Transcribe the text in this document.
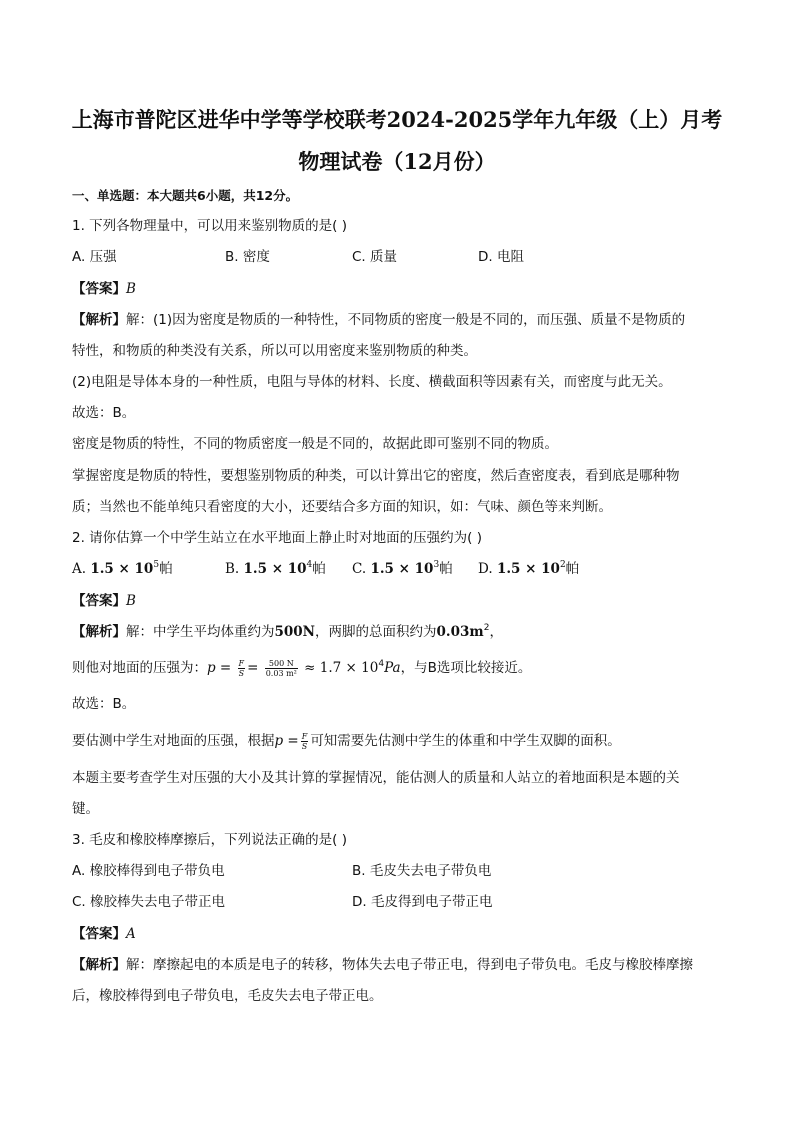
上海市普陀区进华中学等学校联考2024-2025学年九年级（上）月考
物理试卷（12月份）
一、单选题：本大题共6小题，共12分。
1. 下列各物理量中，可以用来鉴别物质的是( )
A. 压强	B. 密度	C. 质量	D. 电阻
【答案】B
【解析】解：(1)因为密度是物质的一种特性，不同物质的密度一般是不同的，而压强、质量不是物质的
特性，和物质的种类没有关系，所以可以用密度来鉴别物质的种类。
(2)电阻是导体本身的一种性质，电阻与导体的材料、长度、横截面积等因素有关，而密度与此无关。
故选：B。
密度是物质的特性，不同的物质密度一般是不同的，故据此即可鉴别不同的物质。
掌握密度是物质的特性，要想鉴别物质的种类，可以计算出它的密度，然后查密度表，看到底是哪种物
质；当然也不能单纯只看密度的大小，还要结合多方面的知识，如：气味、颜色等来判断。
2. 请你估算一个中学生站立在水平地面上静止时对地面的压强约为( )
A. $1.5 \times 10^5$帕	B. $1.5 \times 10^4$帕 C. $1.5 \times 10^3$帕 D. $1.5 \times 10^2$帕
【答案】B
【解析】解：中学生平均体重约为500N，两脚的总面积约为$0.03m^2$，
则他对地面的压强为：$p = \frac{F}{S} = \frac{500 N}{\text{0.03 m²}} \approx 1.7 \times 10^4Pa$，与B选项比较接近。
故选：B。
要估测中学生对地面的压强，根据$p = \frac{F}{S}$ 可知需要先估测中学生的体重和中学生双脚的面积。
本题主要考查学生对压强的大小及其计算的掌握情况，能估测人的质量和人站立的着地面积是本题的关
键。
3. 毛皮和橡胶棒摩擦后，下列说法正确的是( )
A. 橡胶棒得到电子带负电	B. 毛皮失去电子带负电
C. 橡胶棒失去电子带正电	D. 毛皮得到电子带正电
【答案】A
【解析】解：摩擦起电的本质是电子的转移，物体失去电子带正电，得到电子带负电。毛皮与橡胶棒摩擦
后，橡胶棒得到电子带负电，毛皮失去电子带正电。
